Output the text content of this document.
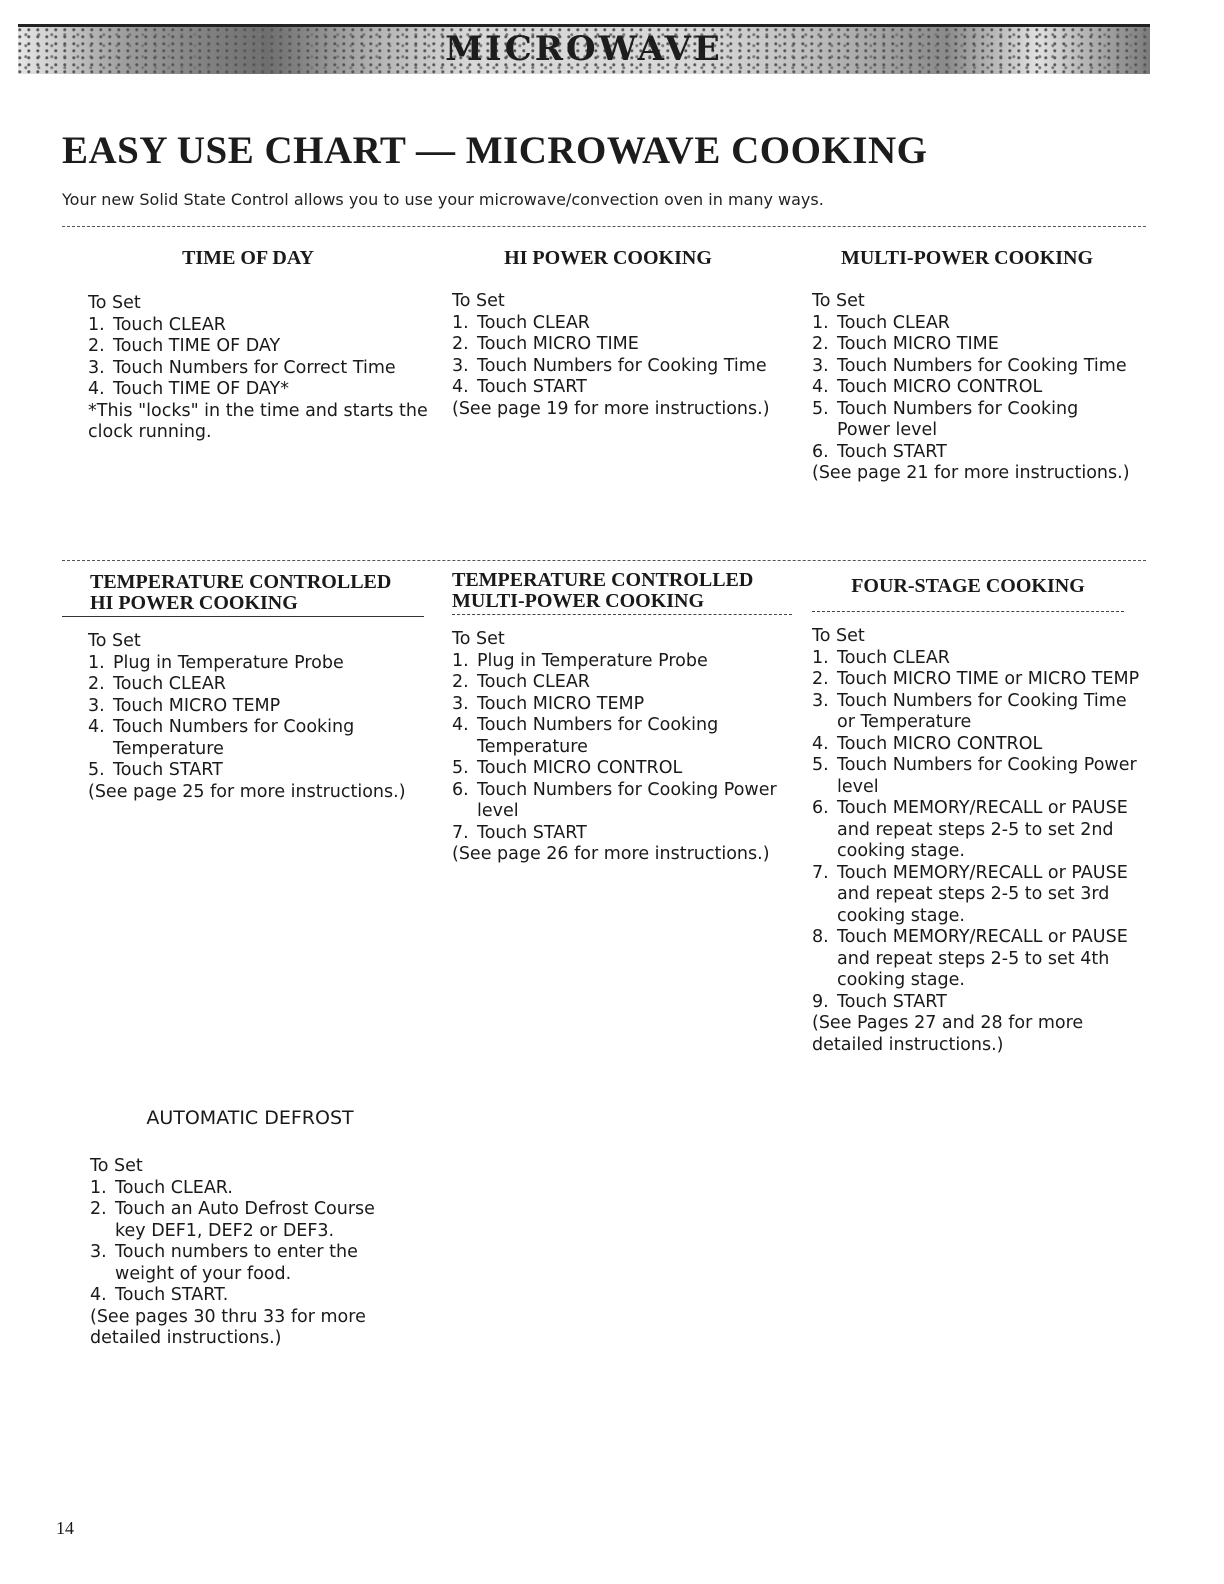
MICROWAVE
EASY USE CHART — MICROWAVE COOKING

Your new Solid State Control allows you to use your microwave/convection oven in many ways.

TIME OF DAY

To Set

1. Touch CLEAR
2. Touch TIME OF DAY
3. Touch Numbers for Correct Time
4. Touch TIME OF DAY*

*This "locks" in the time and starts the clock running.

HI POWER COOKING

To Set

1. Touch CLEAR
2. Touch MICRO TIME
3. Touch Numbers for Cooking Time
4. Touch START

(See page 19 for more instructions.)

MULTI-POWER COOKING

To Set

1. Touch CLEAR
2. Touch MICRO TIME
3. Touch Numbers for Cooking Time
4. Touch MICRO CONTROL
5. Touch Numbers for Cooking Power level
6. Touch START

(See page 21 for more instructions.)

TEMPERATURE CONTROLLED
HI POWER COOKING

To Set

1. Plug in Temperature Probe
2. Touch CLEAR
3. Touch MICRO TEMP
4. Touch Numbers for Cooking Temperature
5. Touch START

(See page 25 for more instructions.)

TEMPERATURE CONTROLLED
MULTI-POWER COOKING

To Set

1. Plug in Temperature Probe
2. Touch CLEAR
3. Touch MICRO TEMP
4. Touch Numbers for Cooking Temperature
5. Touch MICRO CONTROL
6. Touch Numbers for Cooking Power level
7. Touch START

(See page 26 for more instructions.)

FOUR-STAGE COOKING

To Set

1. Touch CLEAR
2. Touch MICRO TIME or MICRO TEMP
3. Touch Numbers for Cooking Time or Temperature
4. Touch MICRO CONTROL
5. Touch Numbers for Cooking Power level
6. Touch MEMORY/RECALL or PAUSE and repeat steps 2-5 to set 2nd cooking stage.
7. Touch MEMORY/RECALL or PAUSE and repeat steps 2-5 to set 3rd cooking stage.
8. Touch MEMORY/RECALL or PAUSE and repeat steps 2-5 to set 4th cooking stage.
9. Touch START

(See Pages 27 and 28 for more detailed instructions.)

AUTOMATIC DEFROST

To Set

1. Touch CLEAR.
2. Touch an Auto Defrost Course key DEF1, DEF2 or DEF3.
3. Touch numbers to enter the weight of your food.
4. Touch START.

(See pages 30 thru 33 for more detailed instructions.)

14
